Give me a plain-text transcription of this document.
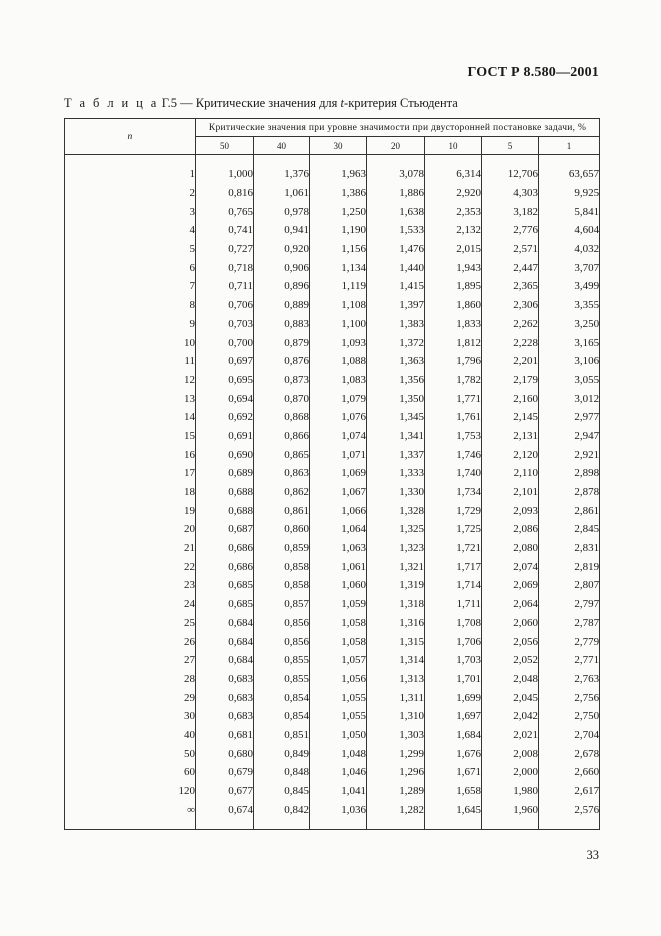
ГОСТ Р 8.580—2001
Т а б л и ц а Г.5 — Критические значения для t-критерия Стьюдента
n	Критические значения при уровне значимости при двусторонней постановке задачи, %						
	50	40	30	20	10	5	1

1	1,000	1,376	1,963	3,078	6,314	12,706	63,657
2	0,816	1,061	1,386	1,886	2,920	4,303	9,925
3	0,765	0,978	1,250	1,638	2,353	3,182	5,841
4	0,741	0,941	1,190	1,533	2,132	2,776	4,604
5	0,727	0,920	1,156	1,476	2,015	2,571	4,032
6	0,718	0,906	1,134	1,440	1,943	2,447	3,707
7	0,711	0,896	1,119	1,415	1,895	2,365	3,499
8	0,706	0,889	1,108	1,397	1,860	2,306	3,355
9	0,703	0,883	1,100	1,383	1,833	2,262	3,250
10	0,700	0,879	1,093	1,372	1,812	2,228	3,165
11	0,697	0,876	1,088	1,363	1,796	2,201	3,106
12	0,695	0,873	1,083	1,356	1,782	2,179	3,055
13	0,694	0,870	1,079	1,350	1,771	2,160	3,012
14	0,692	0,868	1,076	1,345	1,761	2,145	2,977
15	0,691	0,866	1,074	1,341	1,753	2,131	2,947
16	0,690	0,865	1,071	1,337	1,746	2,120	2,921
17	0,689	0,863	1,069	1,333	1,740	2,110	2,898
18	0,688	0,862	1,067	1,330	1,734	2,101	2,878
19	0,688	0,861	1,066	1,328	1,729	2,093	2,861
20	0,687	0,860	1,064	1,325	1,725	2,086	2,845
21	0,686	0,859	1,063	1,323	1,721	2,080	2,831
22	0,686	0,858	1,061	1,321	1,717	2,074	2,819
23	0,685	0,858	1,060	1,319	1,714	2,069	2,807
24	0,685	0,857	1,059	1,318	1,711	2,064	2,797
25	0,684	0,856	1,058	1,316	1,708	2,060	2,787
26	0,684	0,856	1,058	1,315	1,706	2,056	2,779
27	0,684	0,855	1,057	1,314	1,703	2,052	2,771
28	0,683	0,855	1,056	1,313	1,701	2,048	2,763
29	0,683	0,854	1,055	1,311	1,699	2,045	2,756
30	0,683	0,854	1,055	1,310	1,697	2,042	2,750
40	0,681	0,851	1,050	1,303	1,684	2,021	2,704
50	0,680	0,849	1,048	1,299	1,676	2,008	2,678
60	0,679	0,848	1,046	1,296	1,671	2,000	2,660
120	0,677	0,845	1,041	1,289	1,658	1,980	2,617
∞	0,674	0,842	1,036	1,282	1,645	1,960	2,576

33
